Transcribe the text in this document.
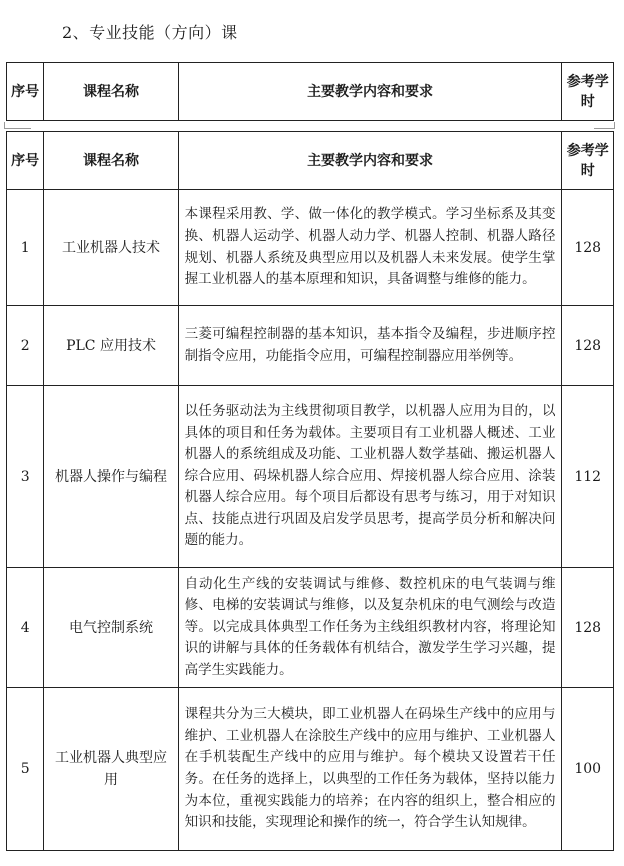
2、专业技能（方向）课
序号	课程名称	主要教学内容和要求	参考学时
序号	课程名称	主要教学内容和要求	参考学时
1	工业机器人技术	本课程采用教、学、做一体化的教学模式。学习坐标系及其变换、机器人运动学、机器人动力学、机器人控制、机器人路径规划、机器人系统及典型应用以及机器人未来发展。使学生掌握工业机器人的基本原理和知识，具备调整与维修的能力。	128
2	PLC 应用技术	三菱可编程控制器的基本知识，基本指令及编程，步进顺序控制指令应用，功能指令应用，可编程控制器应用举例等。	128
3	机器人操作与编程	以任务驱动法为主线贯彻项目教学，以机器人应用为目的，以具体的项目和任务为载体。主要项目有工业机器人概述、工业机器人的系统组成及功能、工业机器人数学基础、搬运机器人综合应用、码垛机器人综合应用、焊接机器人综合应用、涂装机器人综合应用。每个项目后都设有思考与练习，用于对知识点、技能点进行巩固及启发学员思考，提高学员分析和解决问题的能力。	112
4	电气控制系统	自动化生产线的安装调试与维修、数控机床的电气装调与维修、电梯的安装调试与维修，以及复杂机床的电气测绘与改造等。以完成具体典型工作任务为主线组织教材内容，将理论知识的讲解与具体的任务载体有机结合，激发学生学习兴趣，提高学生实践能力。	128
5	工业机器人典型应用	课程共分为三大模块，即工业机器人在码垛生产线中的应用与维护、工业机器人在涂胶生产线中的应用与维护、工业机器人在手机装配生产线中的应用与维护。每个模块又设置若干任务。在任务的选择上，以典型的工作任务为载体，坚持以能力为本位，重视实践能力的培养；在内容的组织上，整合相应的知识和技能，实现理论和操作的统一，符合学生认知规律。	100
